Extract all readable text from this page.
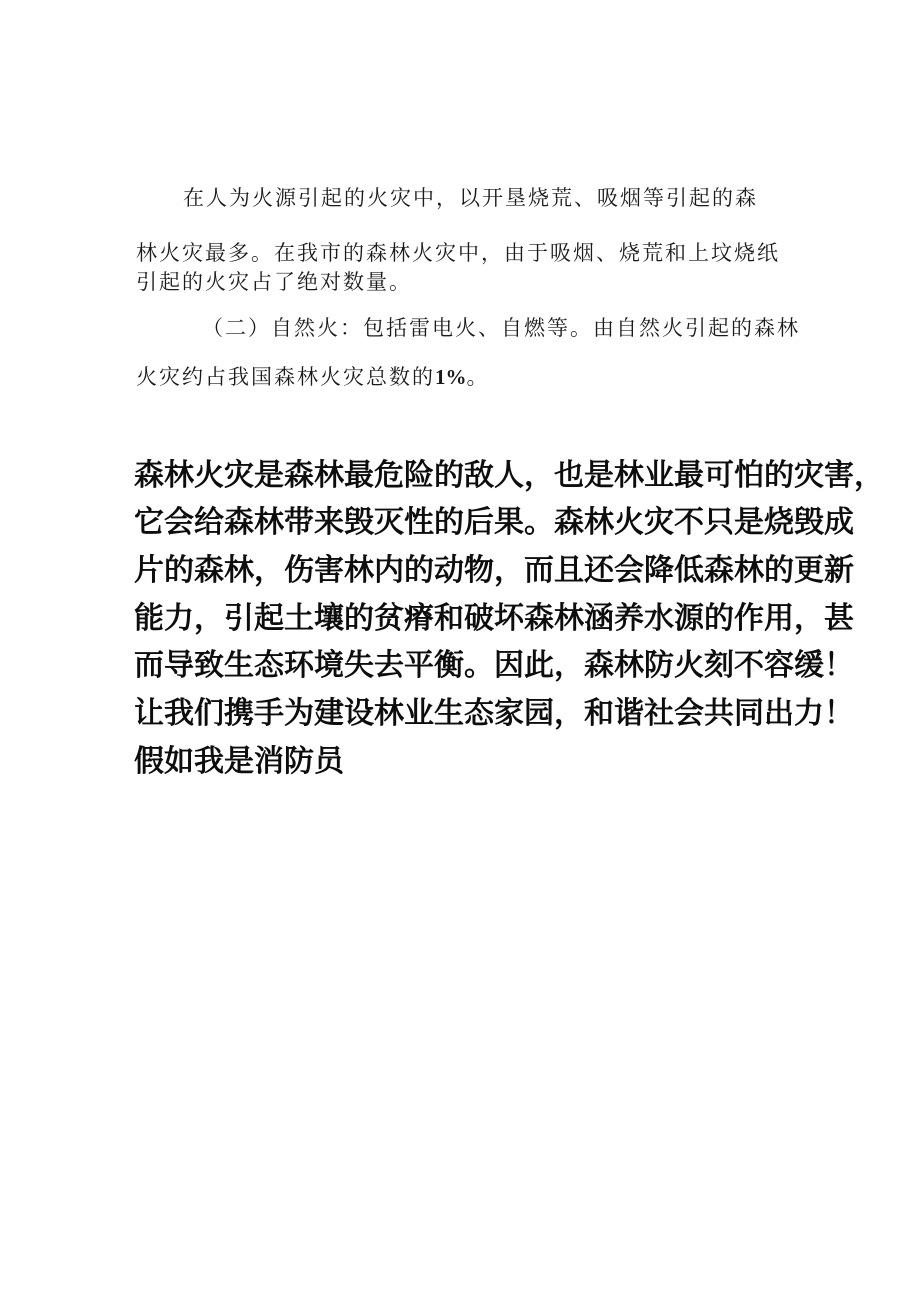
在人为火源引起的火灾中，以开垦烧荒、吸烟等引起的森
林火灾最多。在我市的森林火灾中，由于吸烟、烧荒和上坟烧纸
引起的火灾占了绝对数量。
（二）自然火：包括雷电火、自燃等。由自然火引起的森林
火灾约占我国森林火灾总数的1%。
森林火灾是森林最危险的敌人，也是林业最可怕的灾害，
它会给森林带来毁灭性的后果。森林火灾不只是烧毁成
片的森林，伤害林内的动物，而且还会降低森林的更新
能力，引起土壤的贫瘠和破坏森林涵养水源的作用，甚
而导致生态环境失去平衡。因此，森林防火刻不容缓！
让我们携手为建设林业生态家园，和谐社会共同出力！
假如我是消防员
